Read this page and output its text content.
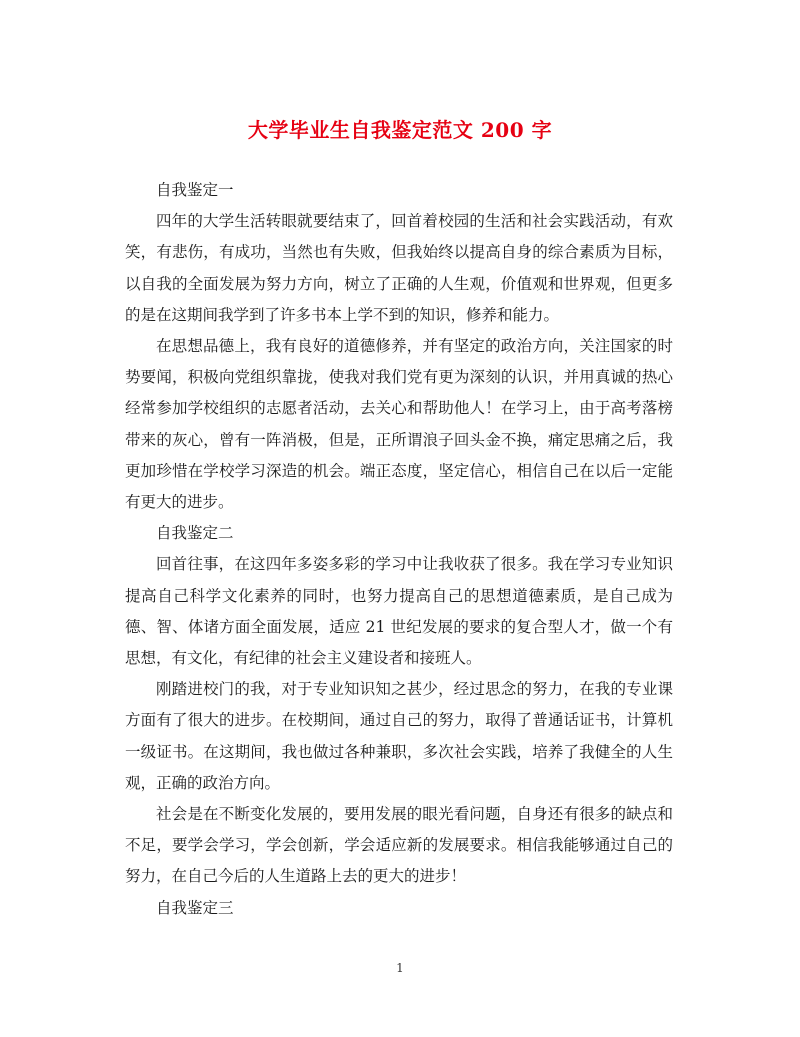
大学毕业生自我鉴定范文 200 字

自我鉴定一

四年的大学生活转眼就要结束了，回首着校园的生活和社会实践活动，有欢笑，有悲伤，有成功，当然也有失败，但我始终以提高自身的综合素质为目标，以自我的全面发展为努力方向，树立了正确的人生观，价值观和世界观，但更多的是在这期间我学到了许多书本上学不到的知识，修养和能力。

在思想品德上，我有良好的道德修养，并有坚定的政治方向，关注国家的时势要闻，积极向党组织靠拢，使我对我们党有更为深刻的认识，并用真诚的热心经常参加学校组织的志愿者活动，去关心和帮助他人！在学习上，由于高考落榜带来的灰心，曾有一阵消极，但是，正所谓浪子回头金不换，痛定思痛之后，我更加珍惜在学校学习深造的机会。端正态度，坚定信心，相信自己在以后一定能有更大的进步。

自我鉴定二

回首往事，在这四年多姿多彩的学习中让我收获了很多。我在学习专业知识提高自己科学文化素养的同时，也努力提高自己的思想道德素质，是自己成为德、智、体诸方面全面发展，适应 21 世纪发展的要求的复合型人才，做一个有思想，有文化，有纪律的社会主义建设者和接班人。

刚踏进校门的我，对于专业知识知之甚少，经过思念的努力，在我的专业课方面有了很大的进步。在校期间，通过自己的努力，取得了普通话证书，计算机一级证书。在这期间，我也做过各种兼职，多次社会实践，培养了我健全的人生观，正确的政治方向。

社会是在不断变化发展的，要用发展的眼光看问题，自身还有很多的缺点和不足，要学会学习，学会创新，学会适应新的发展要求。相信我能够通过自己的努力，在自己今后的人生道路上去的更大的进步！

自我鉴定三

1
